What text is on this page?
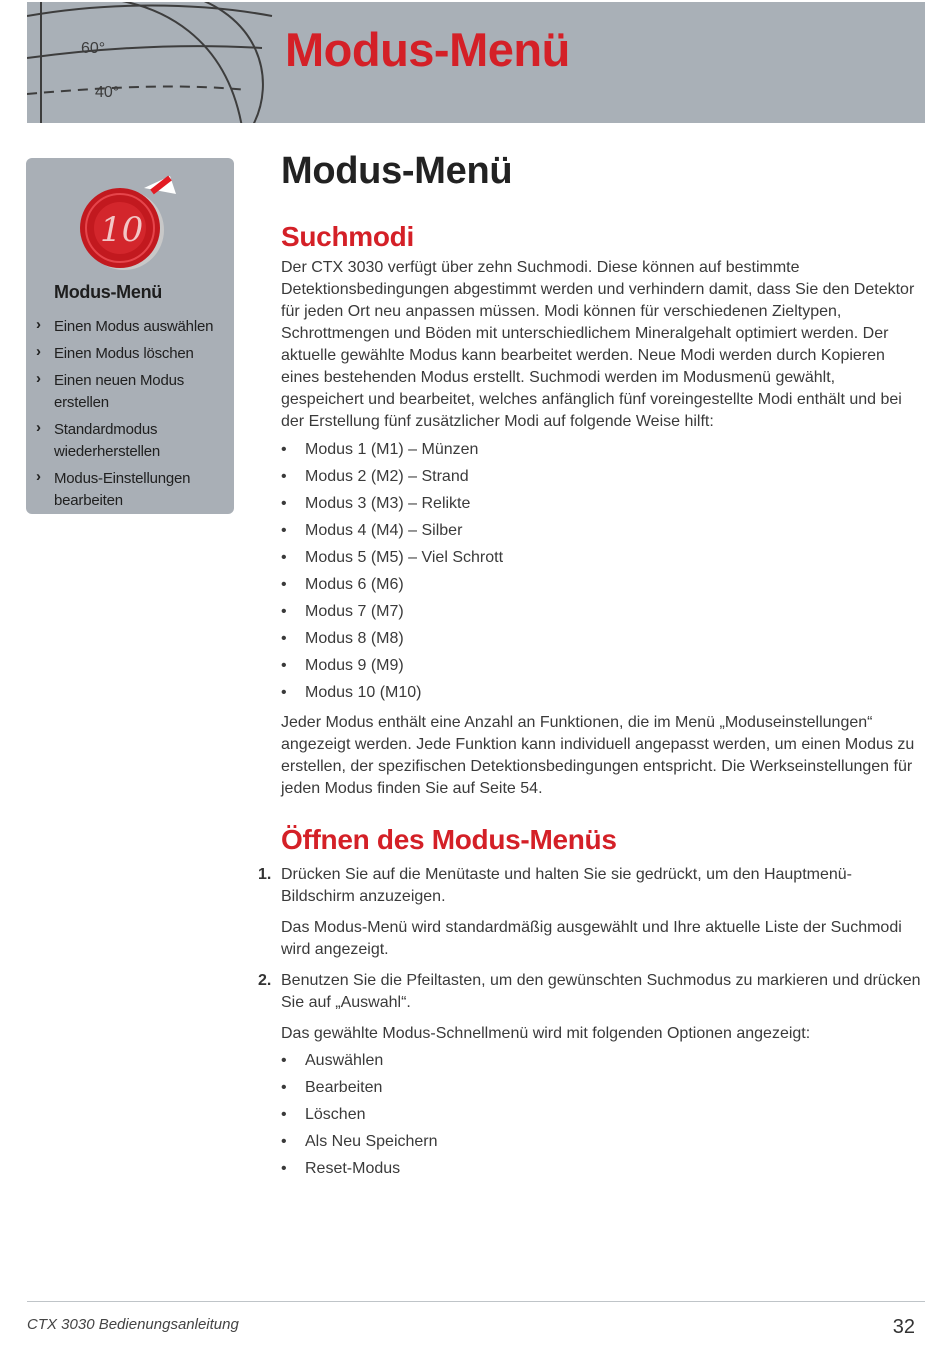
60°
40°
Modus-Menü
10
Modus-Menü
› Einen Modus auswählen
› Einen Modus löschen
› Einen neuen Modus erstellen
› Standardmodus
wiederherstellen
› Modus-Einstellungen
bearbeiten
Modus-Menü
Suchmodi

Der CTX 3030 verfügt über zehn Suchmodi. Diese können auf bestimmte Detektionsbedingungen abgestimmt werden und verhindern damit, dass Sie den Detektor für jeden Ort neu anpassen müssen. Modi können für verschiedenen Zieltypen, Schrottmengen und Böden mit unterschiedlichem Mineralgehalt optimiert werden. Der aktuelle gewählte Modus kann bearbeitet werden. Neue Modi werden durch Kopieren eines bestehenden Modus erstellt. Suchmodi werden im Modusmenü gewählt, gespeichert und bearbeitet, welches anfänglich fünf voreingestellte Modi enthält und bei der Erstellung fünf zusätzlicher Modi auf folgende Weise hilft:

• Modus 1 (M1) – Münzen
• Modus 2 (M2) – Strand
• Modus 3 (M3) – Relikte
• Modus 4 (M4) – Silber
• Modus 5 (M5) – Viel Schrott
• Modus 6 (M6)
• Modus 7 (M7)
• Modus 8 (M8)
• Modus 9 (M9)
• Modus 10 (M10)

Jeder Modus enthält eine Anzahl an Funktionen, die im Menü „Moduseinstellungen“ angezeigt werden. Jede Funktion kann individuell angepasst werden, um einen Modus zu erstellen, der spezifischen Detektionsbedingungen entspricht. Die Werkseinstellungen für jeden Modus finden Sie auf Seite 54.

Öffnen des Modus-Menüs
1. Drücken Sie auf die Menütaste und halten Sie sie gedrückt, um den Hauptmenü-Bildschirm anzuzeigen.

Das Modus-Menü wird standardmäßig ausgewählt und Ihre aktuelle Liste der Suchmodi wird angezeigt.

2. Benutzen Sie die Pfeiltasten, um den gewünschten Suchmodus zu markieren und drücken Sie auf „Auswahl“.

Das gewählte Modus-Schnellmenü wird mit folgenden Optionen angezeigt:

• Auswählen
• Bearbeiten
• Löschen
• Als Neu Speichern
• Reset-Modus
CTX 3030 Bedienungsanleitung	32
